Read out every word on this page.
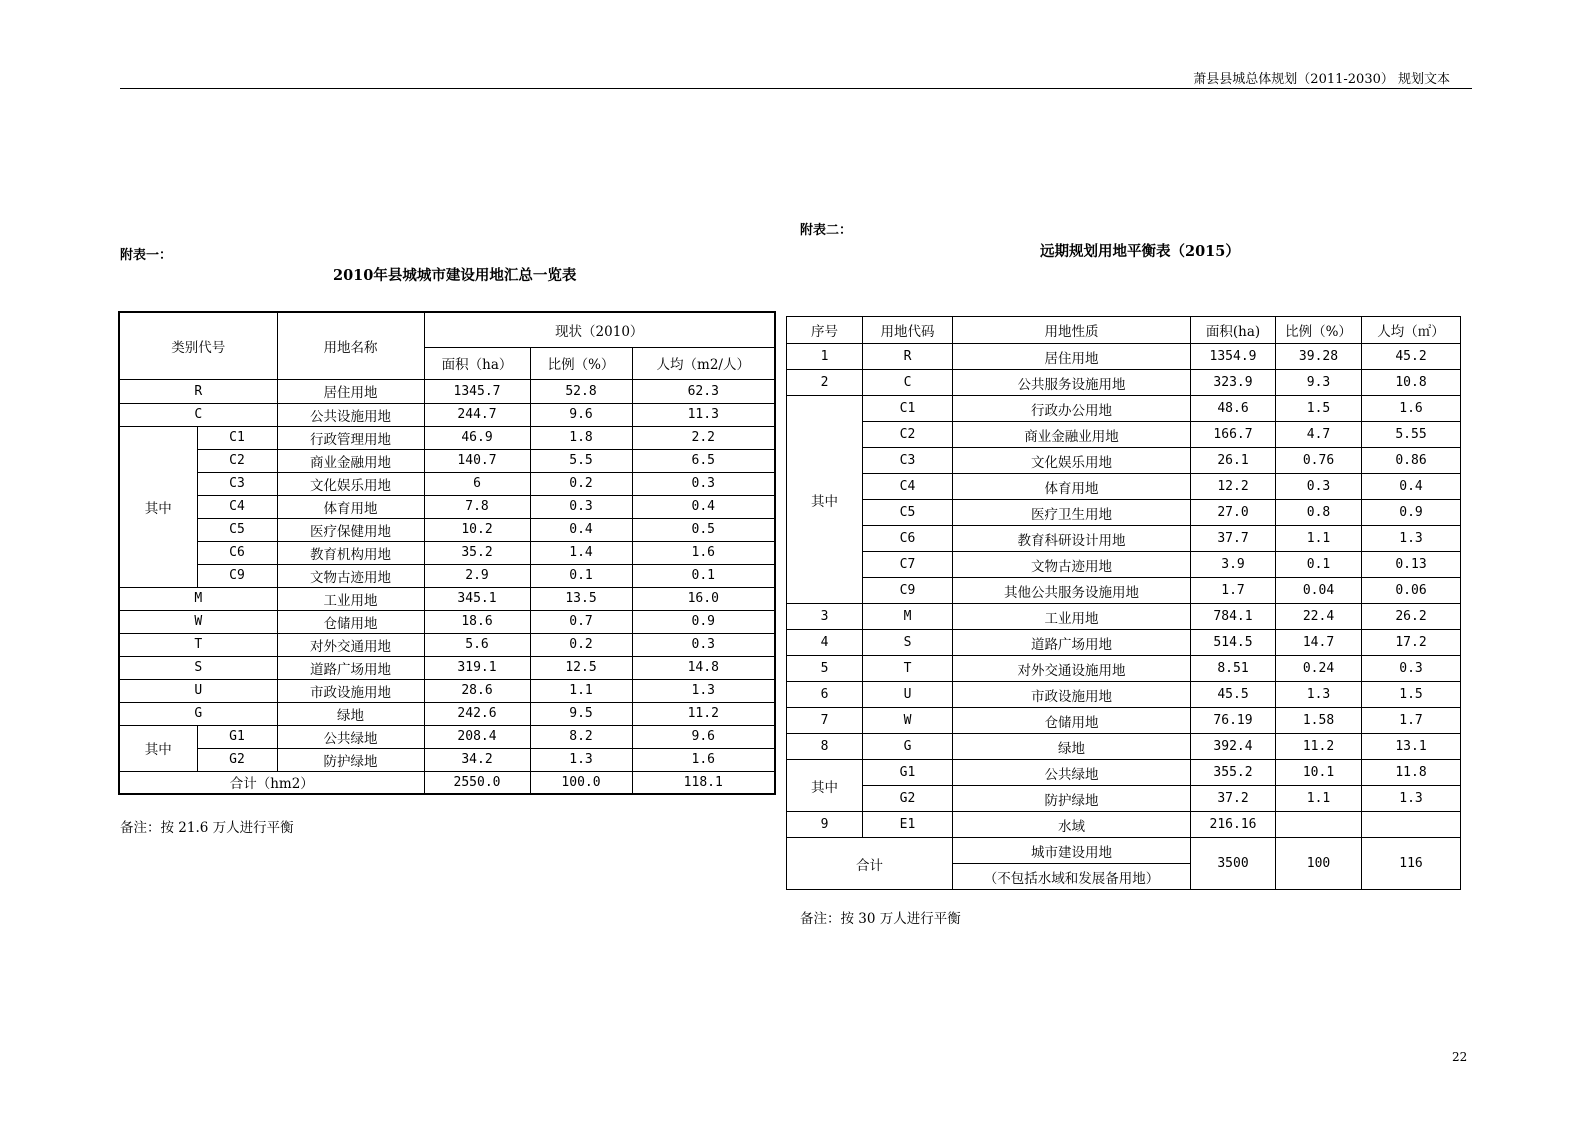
萧县县城总体规划（2011-2030） 规划文本
附表一：
2010年县城城市建设用地汇总一览表
类别代号		用地名称	现状（2010）		
			面积（ha）	比例（%）	人均（m2/人）
R		居住用地	1345.7	52.8	62.3
C		公共设施用地	244.7	9.6	11.3
其中	C1	行政管理用地	46.9	1.8	2.2
	C2	商业金融用地	140.7	5.5	6.5
	C3	文化娱乐用地	6	0.2	0.3
	C4	体育用地	7.8	0.3	0.4
	C5	医疗保健用地	10.2	0.4	0.5
	C6	教育机构用地	35.2	1.4	1.6
	C9	文物古迹用地	2.9	0.1	0.1
M		工业用地	345.1	13.5	16.0
W		仓储用地	18.6	0.7	0.9
T		对外交通用地	5.6	0.2	0.3
S		道路广场用地	319.1	12.5	14.8
U		市政设施用地	28.6	1.1	1.3
G		绿地	242.6	9.5	11.2
其中	G1	公共绿地	208.4	8.2	9.6
	G2	防护绿地	34.2	1.3	1.6
合计（hm2）			2550.0	100.0	118.1
备注：按 21.6 万人进行平衡
附表二：
远期规划用地平衡表（2015）
序号	用地代码	用地性质	面积(ha)	比例（%）	人均（㎡）
1	R	居住用地	1354.9	39.28	45.2
2	C	公共服务设施用地	323.9	9.3	10.8
其中	C1	行政办公用地	48.6	1.5	1.6
	C2	商业金融业用地	166.7	4.7	5.55
	C3	文化娱乐用地	26.1	0.76	0.86
	C4	体育用地	12.2	0.3	0.4
	C5	医疗卫生用地	27.0	0.8	0.9
	C6	教育科研设计用地	37.7	1.1	1.3
	C7	文物古迹用地	3.9	0.1	0.13
	C9	其他公共服务设施用地	1.7	0.04	0.06
3	M	工业用地	784.1	22.4	26.2
4	S	道路广场用地	514.5	14.7	17.2
5	T	对外交通设施用地	8.51	0.24	0.3
6	U	市政设施用地	45.5	1.3	1.5
7	W	仓储用地	76.19	1.58	1.7
8	G	绿地	392.4	11.2	13.1
其中	G1	公共绿地	355.2	10.1	11.8
	G2	防护绿地	37.2	1.1	1.3
9	E1	水域	216.16		
合计		城市建设用地	3500	100	116
		（不包括水域和发展备用地）			
备注：按 30 万人进行平衡
22
